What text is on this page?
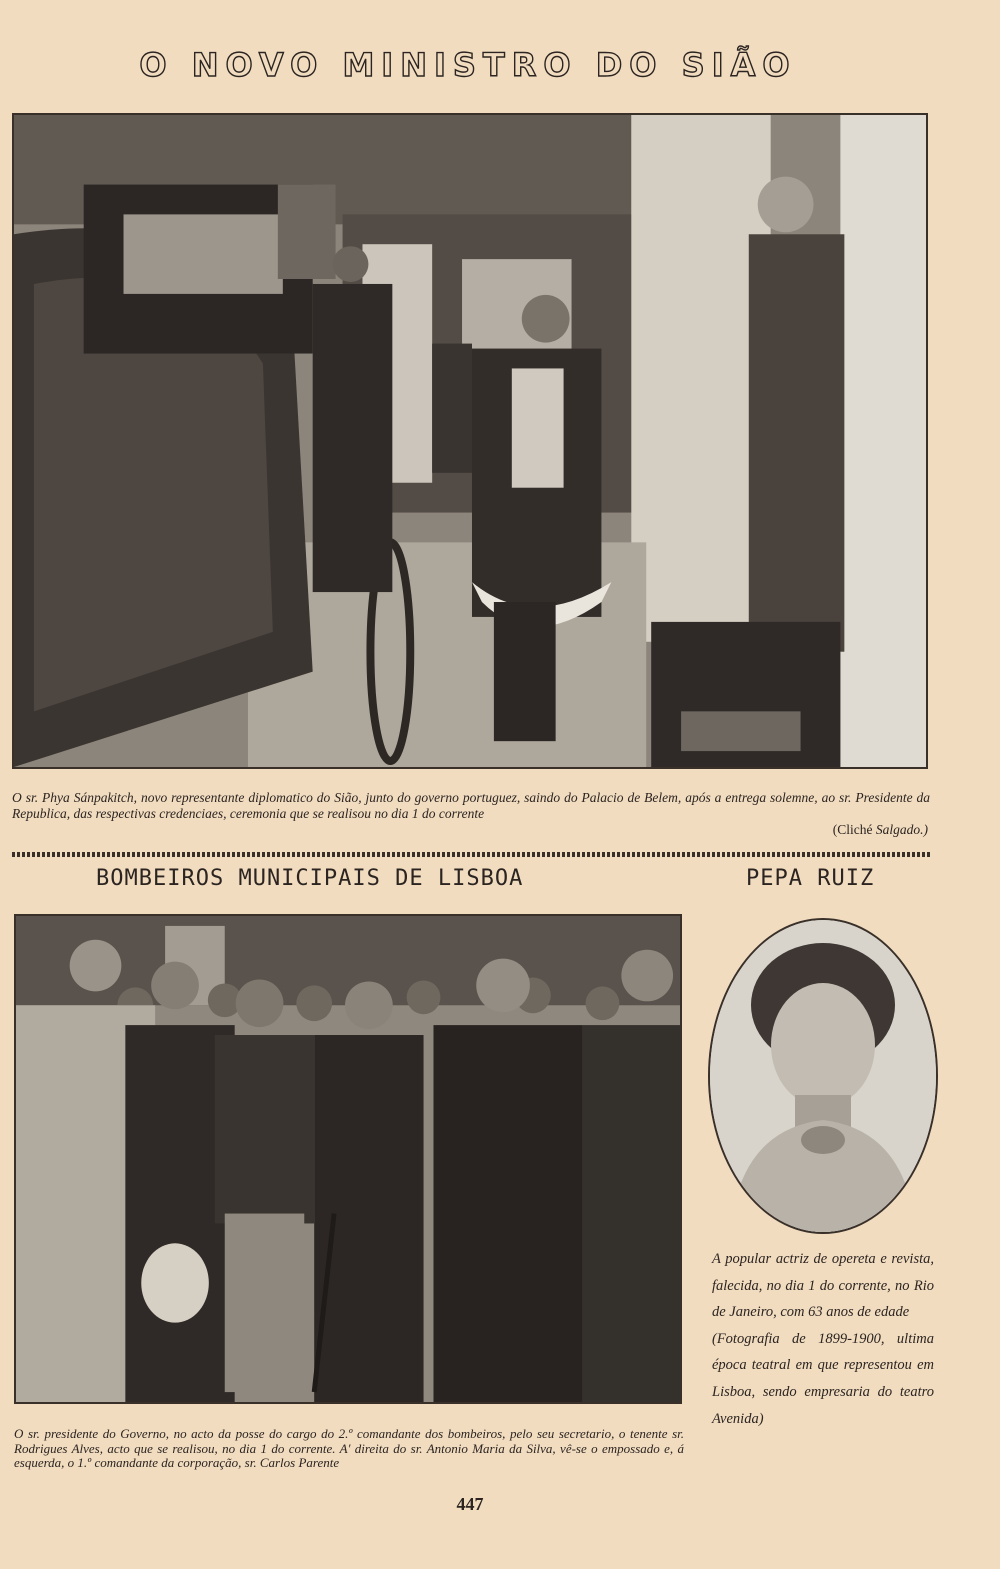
O NOVO MINISTRO DO SIÃO
O sr. Phya Sánpakitch, novo representante diplomatico do Sião, junto do governo portuguez, saindo do Palacio de Belem, após a entrega solemne, ao sr. Presidente da Republica, das respectivas credenciaes, ceremonia que se realisou no dia 1 do corrente
(Cliché Salgado.)
BOMBEIROS MUNICIPAIS DE LISBOA	PEPA RUIZ

A popular actriz de opereta e revista, falecida, no dia 1 do corrente, no Rio de Janeiro, com 63 anos de edade

(Fotografia de 1899-1900, ultima época teatral em que representou em Lisboa, sendo empresaria do teatro Avenida)

O sr. presidente do Governo, no acto da posse do cargo do 2.º comandante dos bombeiros, pelo seu secretario, o tenente sr. Rodrigues Alves, acto que se realisou, no dia 1 do corrente. A' direita do sr. Antonio Maria da Silva, vê-se o empossado e, á esquerda, o 1.º comandante da corporação, sr. Carlos Parente
447
